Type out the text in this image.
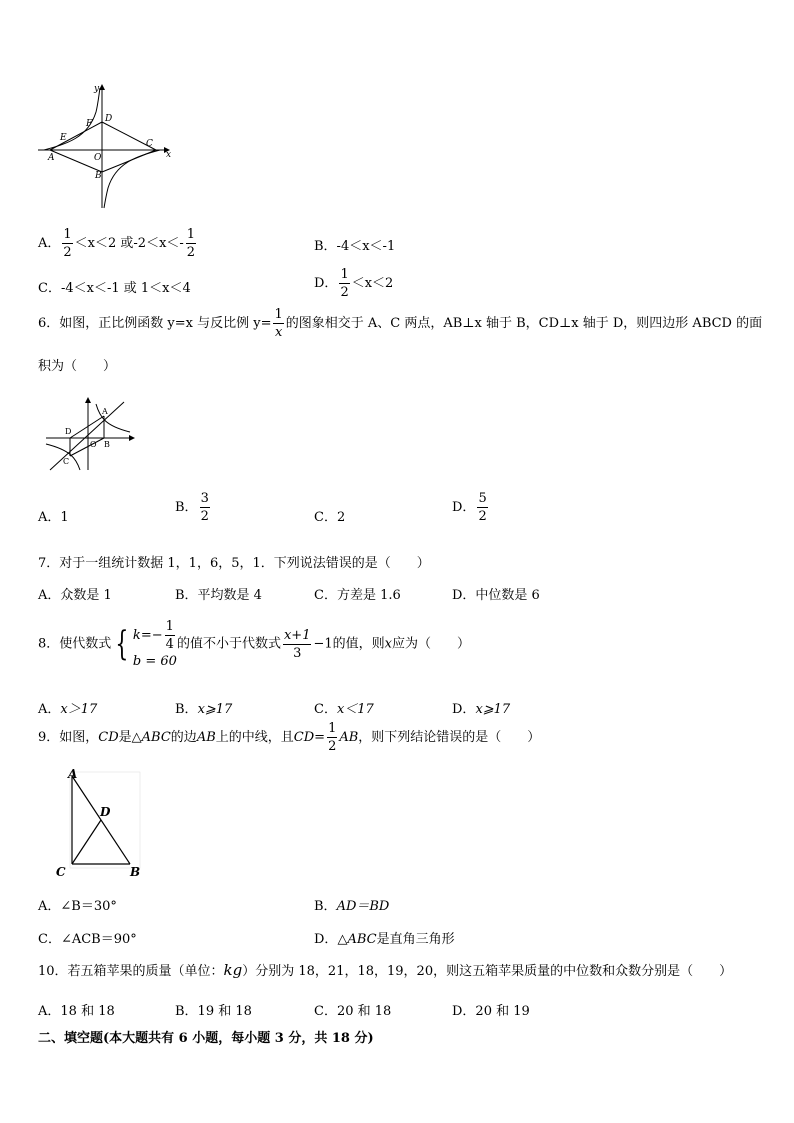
y
x
A
B
C
D
E
F
O
A． $\frac{1}{2} <x<2$ 或$-2<x<- \frac{1}{2}$	B．-4＜x＜-1
C．-4＜x＜-1 或 1＜x＜4	D． $\frac{1}{2} <x<2$
6．如图，正比例函数 y=x 与反比例 $y= \frac{1}{x}$ 的图象相交于 A、C 两点，AB⊥x 轴于 B，CD⊥x 轴于 D，则四边形 ABCD 的面
积为（　　）
A
B
C
D
O
A．1
B． $\frac{3}{2}$	C．2
D． $\frac{5}{2}$
7．对于一组统计数据 1，1，6，5，1．下列说法错误的是（　　）
A．众数是 1	B．平均数是 4	C．方差是 1.6	D．中位数是 6
8．使代数式 { $k=- \frac{1}{4}$
b = 60
的值不小于代数式 $\frac{x+1}{3} -1$的值，则x应为（　　）
A．x＞17	B．x⩾17	C．x＜17	D．x⩾17
9．如图，CD是△ABC的边AB上的中线，且$CD= \frac{1}{2}$ AB，则下列结论错误的是（　　）
A
B
C
D
A．∠B＝30°	B．AD＝BD
C．∠ACB＝90°	D．△ABC是直角三角形
10．若五箱苹果的质量（单位：kg）分别为 18，21，18，19，20，则这五箱苹果质量的中位数和众数分别是（　　）
A．18 和 18	B．19 和 18	C．20 和 18	D．20 和 19
二、填空题(本大题共有 6 小题，每小题 3 分，共 18 分)
